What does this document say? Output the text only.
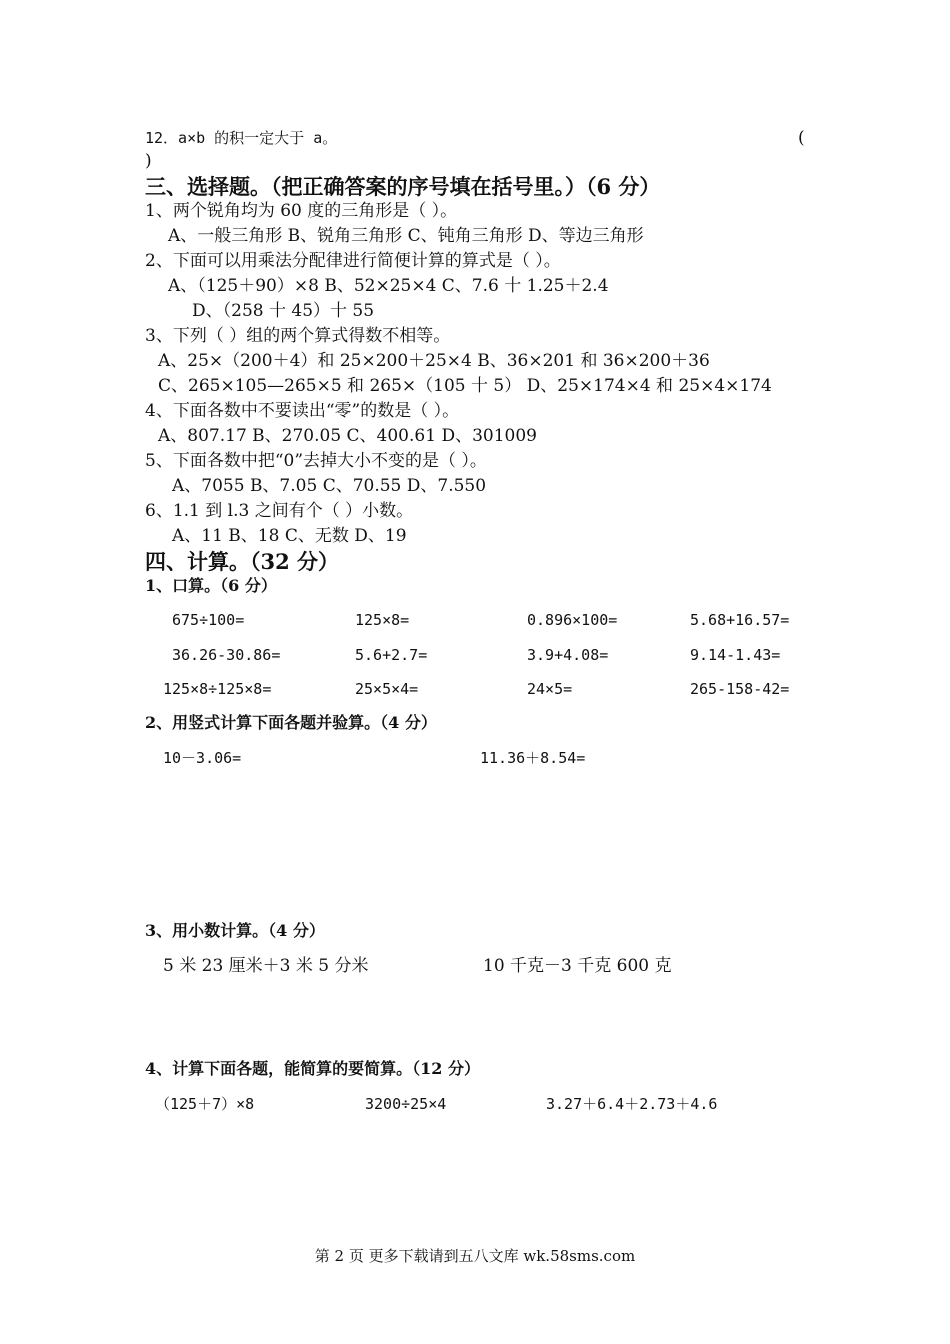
12．a×b 的积一定大于 a。	(
)
三、选择题。（把正确答案的序号填在括号里。）（6 分）
1、两个锐角均为 60 度的三角形是（ ）。
A、一般三角形 B、锐角三角形 C、钝角三角形 D、等边三角形
2、下面可以用乘法分配律进行简便计算的算式是（ ）。
A、（125＋90）×8 B、52×25×4 C、7.6 十 1.25＋2.4
D、（258 十 45）十 55
3、下列（ ）组的两个算式得数不相等。
A、25×（200＋4）和 25×200＋25×4 B、36×201 和 36×200＋36
C、265×105—265×5 和 265×（105 十 5） D、25×174×4 和 25×4×174
4、下面各数中不要读出“零”的数是（ ）。
A、807.17 B、270.05 C、400.61 D、301009
5、下面各数中把“0”去掉大小不变的是（ ）。
A、7055 B、7.05 C、70.55 D、7.550
6、1.1 到 l.3 之间有个（ ）小数。
A、11 B、18 C、无数 D、19
四、计算。（32 分）
1、口算。（6 分）
675÷100=	125×8=	0.896×100=	5.68+16.57=
36.26-30.86=	5.6+2.7=	3.9+4.08=	9.14-1.43=
125×8÷125×8=	25×5×4=	24×5=	265-158-42=
2、用竖式计算下面各题并验算。（4 分）
10－3.06=	11.36＋8.54=
3、用小数计算。（4 分）
5 米 23 厘米＋3 米 5 分米	10 千克－3 千克 600 克
4、计算下面各题，能简算的要简算。（12 分）
（125＋7）×8	3200÷25×4	3.27＋6.4＋2.73＋4.6
第 2 页 更多下载请到五八文库 wk.58sms.com
